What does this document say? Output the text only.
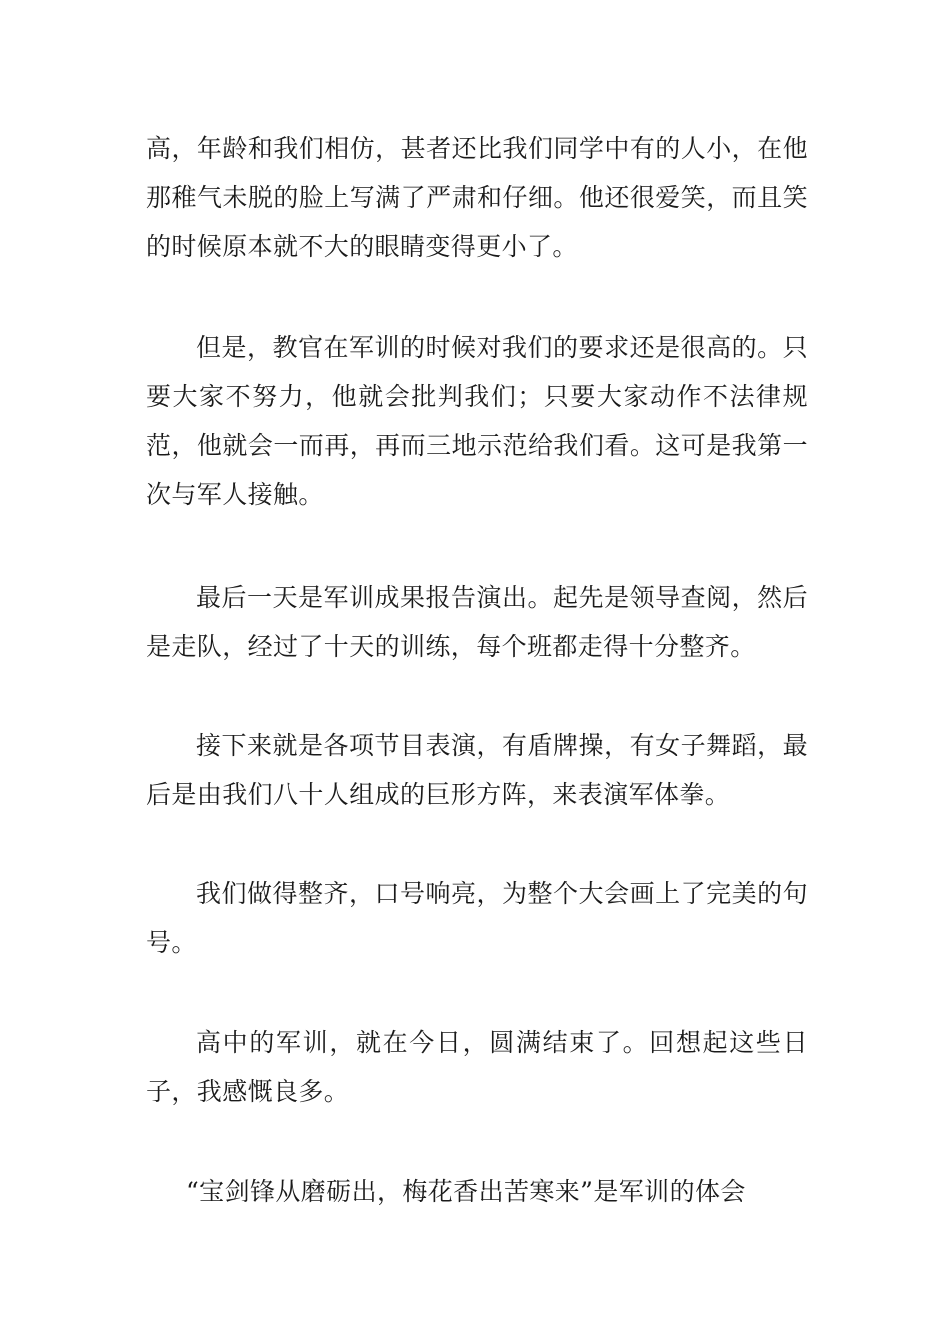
高，年龄和我们相仿，甚者还比我们同学中有的人小，在他那稚气未脱的脸上写满了严肃和仔细。他还很爱笑，而且笑的时候原本就不大的眼睛变得更小了。

但是，教官在军训的时候对我们的要求还是很高的。只要大家不努力，他就会批判我们；只要大家动作不法律规范，他就会一而再，再而三地示范给我们看。这可是我第一次与军人接触。

最后一天是军训成果报告演出。起先是领导查阅，然后是走队，经过了十天的训练，每个班都走得十分整齐。

接下来就是各项节目表演，有盾牌操，有女子舞蹈，最后是由我们八十人组成的巨形方阵，来表演军体拳。

我们做得整齐，口号响亮，为整个大会画上了完美的句号。

高中的军训，就在今日，圆满结束了。回想起这些日子，我感慨良多。

“宝剑锋从磨砺出，梅花香出苦寒来”是军训的体会
